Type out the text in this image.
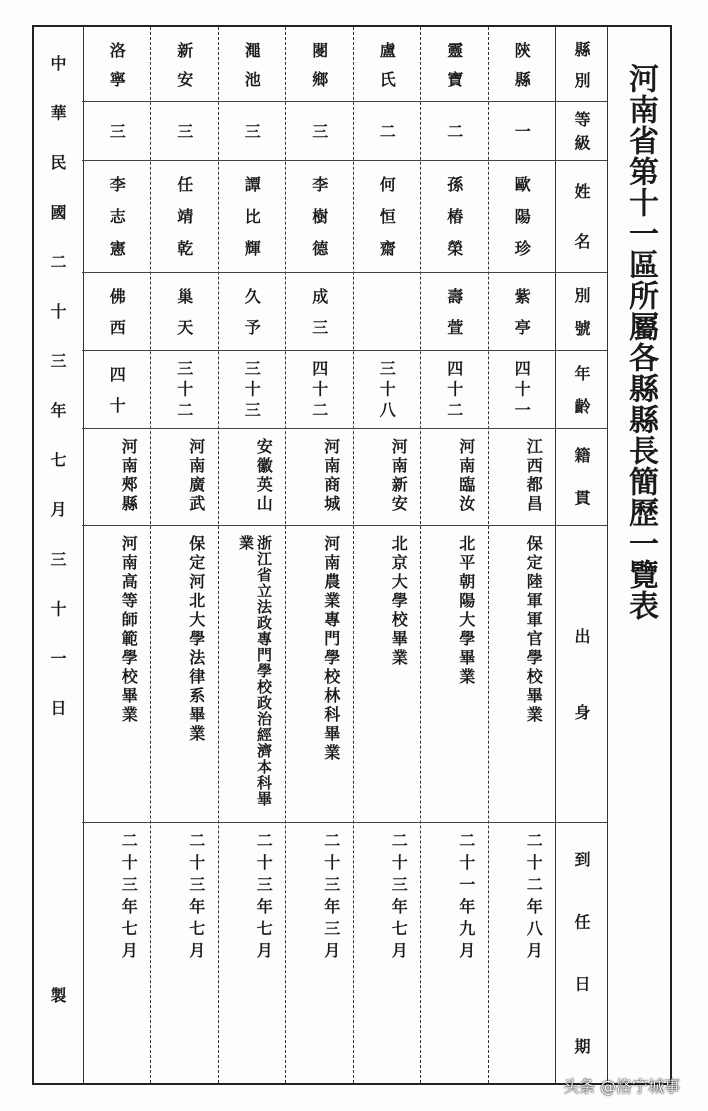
河南省第十一區所屬各縣縣長簡歷一覽表
縣別
等級
姓名
別號
年齡
籍貫
出身
到任日期
陝縣
一
歐陽珍
紫亭
四十一
江西都昌
保定陸軍軍官學校畢業
二十二年八月
靈寶
二
孫椿榮
壽萱
四十二
河南臨汝
北平朝陽大學畢業
二十一年九月
盧氏
二
何恒齋
三十八
河南新安
北京大學校畢業
二十三年七月
閿鄉
三
李樹德
成三
四十二
河南商城
河南農業專門學校林科畢業
二十三年三月
澠池
三
譚比輝
久予
三十三
安徽英山
浙江省立法政專門學校政治經濟本科畢業
二十三年七月
新安
三
任靖乾
巢天
三十二
河南廣武
保定河北大學法律系畢業
二十三年七月
洛寧
三
李志憲
佛西
四十
河南郟縣
河南高等師範學校畢業
二十三年七月
中華民國二十三年七月三十一日
製
头条 @洛宁城事
